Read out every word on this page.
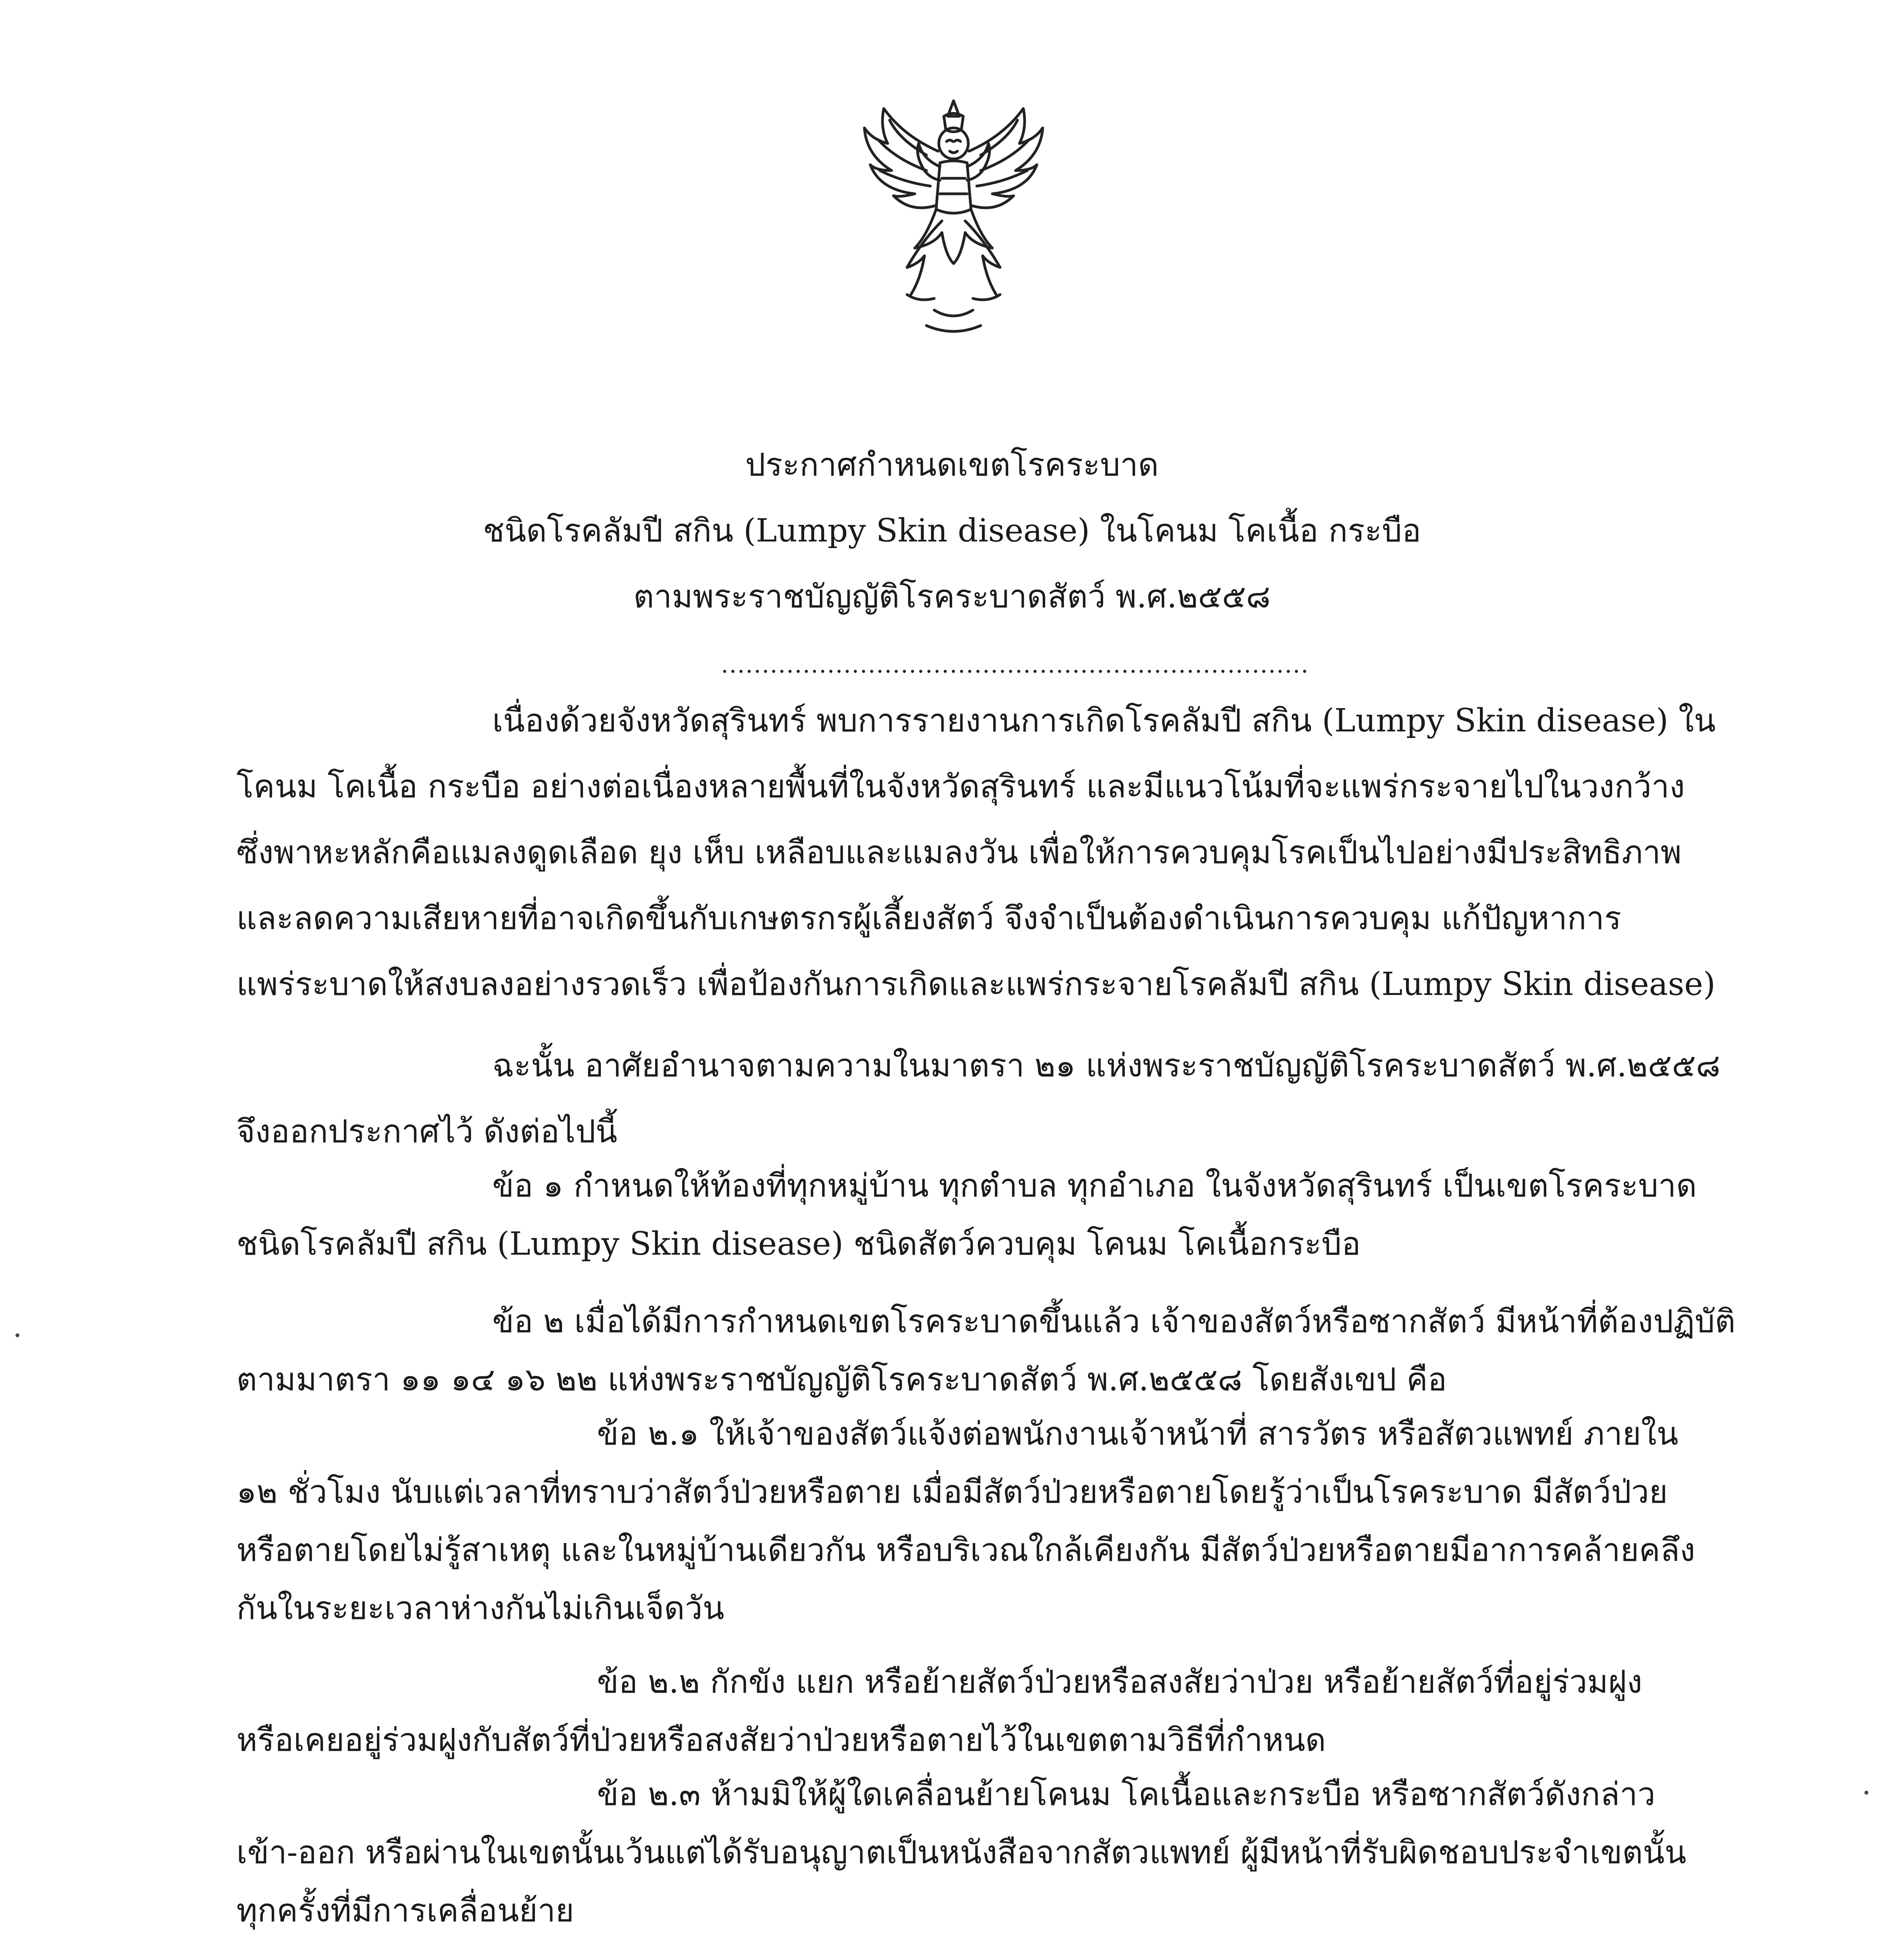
ประกาศกำหนดเขตโรคระบาด
ชนิดโรคลัมปี สกิน (Lumpy Skin disease) ในโคนม โคเนื้อ กระบือ
ตามพระราชบัญญัติโรคระบาดสัตว์ พ.ศ.๒๕๕๘
........................................................................
เนื่องด้วยจังหวัดสุรินทร์ พบการรายงานการเกิดโรคลัมปี สกิน (Lumpy Skin disease) ใน
โคนม โคเนื้อ กระบือ อย่างต่อเนื่องหลายพื้นที่ในจังหวัดสุรินทร์ และมีแนวโน้มที่จะแพร่กระจายไปในวงกว้าง
ซึ่งพาหะหลักคือแมลงดูดเลือด ยุง เห็บ เหลือบและแมลงวัน เพื่อให้การควบคุมโรคเป็นไปอย่างมีประสิทธิภาพ
และลดความเสียหายที่อาจเกิดขึ้นกับเกษตรกรผู้เลี้ยงสัตว์ จึงจำเป็นต้องดำเนินการควบคุม แก้ปัญหาการ
แพร่ระบาดให้สงบลงอย่างรวดเร็ว เพื่อป้องกันการเกิดและแพร่กระจายโรคลัมปี สกิน (Lumpy Skin disease)
ฉะนั้น อาศัยอำนาจตามความในมาตรา ๒๑ แห่งพระราชบัญญัติโรคระบาดสัตว์ พ.ศ.๒๕๕๘
จึงออกประกาศไว้ ดังต่อไปนี้
ข้อ ๑ กำหนดให้ท้องที่ทุกหมู่บ้าน ทุกตำบล ทุกอำเภอ ในจังหวัดสุรินทร์ เป็นเขตโรคระบาด
ชนิดโรคลัมปี สกิน (Lumpy Skin disease) ชนิดสัตว์ควบคุม โคนม โคเนื้อกระบือ
ข้อ ๒ เมื่อได้มีการกำหนดเขตโรคระบาดขึ้นแล้ว เจ้าของสัตว์หรือซากสัตว์ มีหน้าที่ต้องปฏิบัติ
ตามมาตรา ๑๑ ๑๔ ๑๖ ๒๒ แห่งพระราชบัญญัติโรคระบาดสัตว์ พ.ศ.๒๕๕๘ โดยสังเขป คือ
ข้อ ๒.๑ ให้เจ้าของสัตว์แจ้งต่อพนักงานเจ้าหน้าที่ สารวัตร หรือสัตวแพทย์ ภายใน
๑๒ ชั่วโมง นับแต่เวลาที่ทราบว่าสัตว์ป่วยหรือตาย เมื่อมีสัตว์ป่วยหรือตายโดยรู้ว่าเป็นโรคระบาด มีสัตว์ป่วย
หรือตายโดยไม่รู้สาเหตุ และในหมู่บ้านเดียวกัน หรือบริเวณใกล้เคียงกัน มีสัตว์ป่วยหรือตายมีอาการคล้ายคลึง
กันในระยะเวลาห่างกันไม่เกินเจ็ดวัน
ข้อ ๒.๒ กักขัง แยก หรือย้ายสัตว์ป่วยหรือสงสัยว่าป่วย หรือย้ายสัตว์ที่อยู่ร่วมฝูง
หรือเคยอยู่ร่วมฝูงกับสัตว์ที่ป่วยหรือสงสัยว่าป่วยหรือตายไว้ในเขตตามวิธีที่กำหนด
ข้อ ๒.๓ ห้ามมิให้ผู้ใดเคลื่อนย้ายโคนม โคเนื้อและกระบือ หรือซากสัตว์ดังกล่าว
เข้า-ออก หรือผ่านในเขตนั้นเว้นแต่ได้รับอนุญาตเป็นหนังสือจากสัตวแพทย์ ผู้มีหน้าที่รับผิดชอบประจำเขตนั้น
ทุกครั้งที่มีการเคลื่อนย้าย
